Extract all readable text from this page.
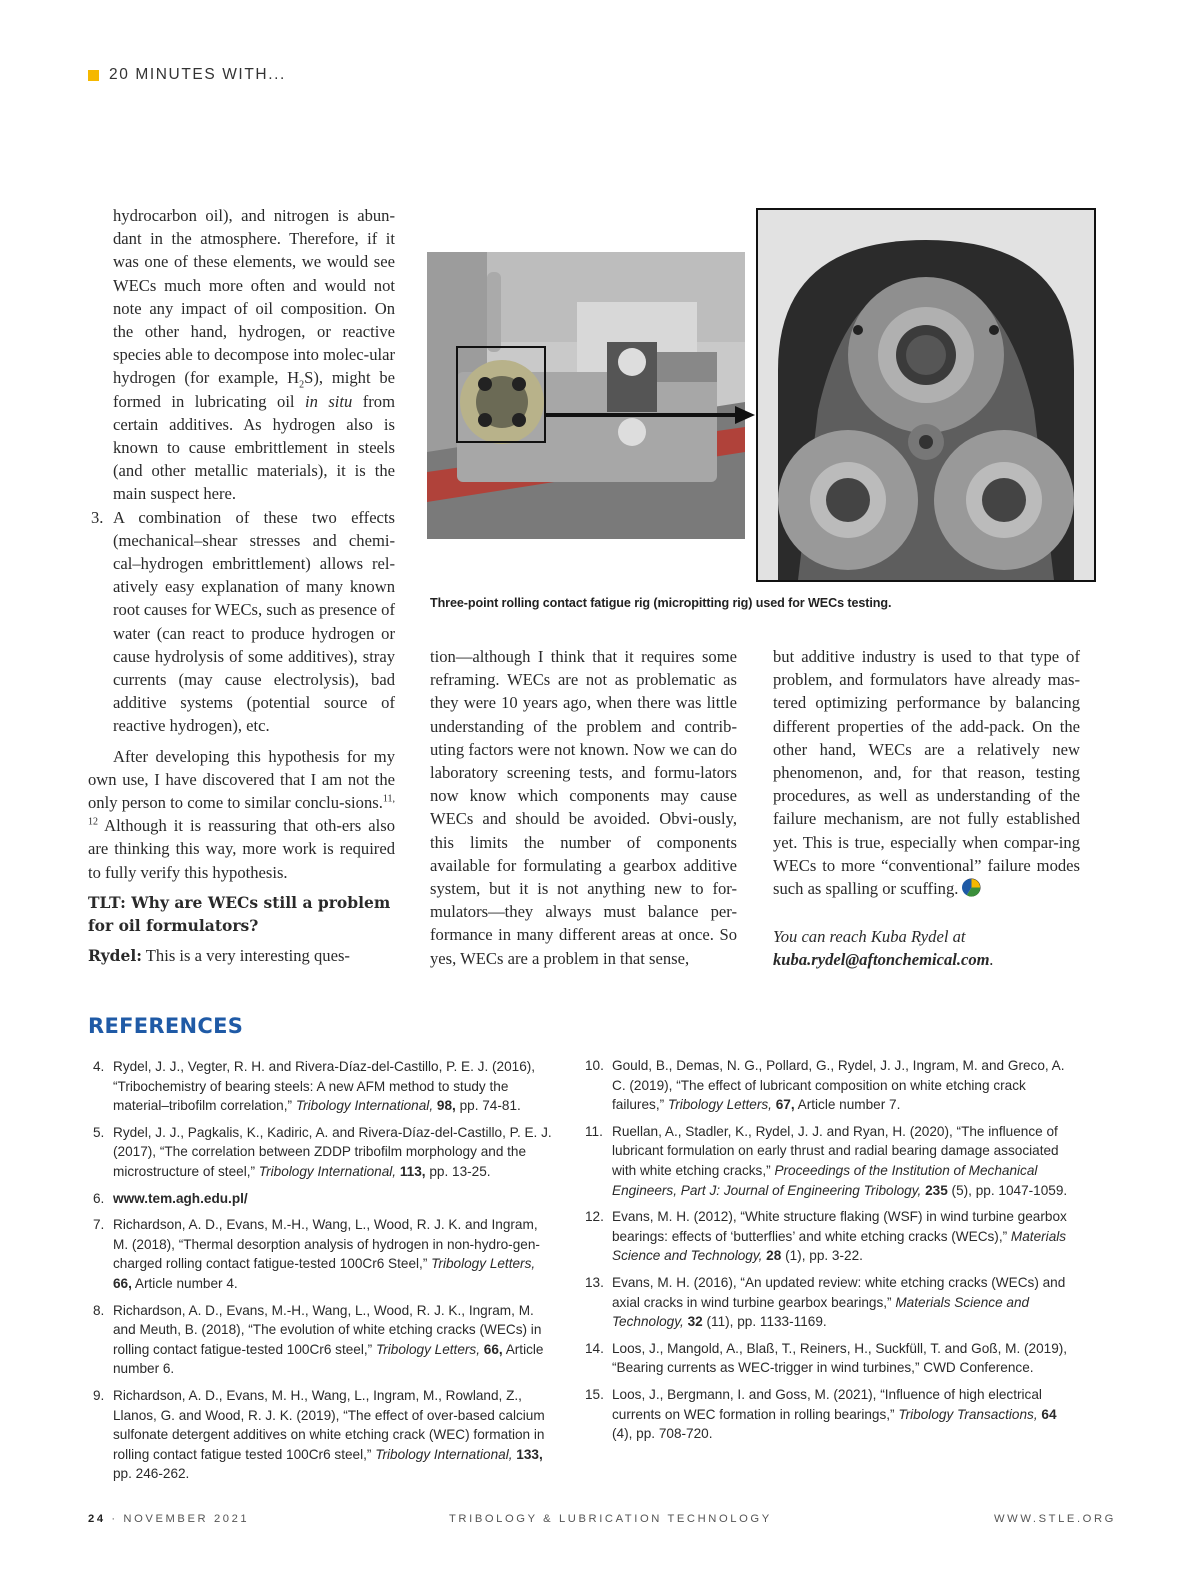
20 MINUTES WITH...

hydrocarbon oil), and nitrogen is abun-dant in the atmosphere. Therefore, if it was one of these elements, we would see WECs much more often and would not note any impact of oil composition. On the other hand, hydrogen, or reactive species able to decompose into molec-ular hydrogen (for example, $H_2S$), might be formed in lubricating oil in situ from certain additives. As hydrogen also is known to cause embrittlement in steels (and other metallic materials), it is the main suspect here.

3. A combination of these two effects (mechanical–shear stresses and chemi-cal–hydrogen embrittlement) allows rel-atively easy explanation of many known root causes for WECs, such as presence of water (can react to produce hydrogen or cause hydrolysis of some additives), stray currents (may cause electrolysis), bad additive systems (potential source of reactive hydrogen), etc.

After developing this hypothesis for my own use, I have discovered that I am not the only person to come to similar conclu-sions.$^{11, 12}$ Although it is reassuring that oth-ers also are thinking this way, more work is required to fully verify this hypothesis.

TLT: Why are WECs still a problem for oil formulators?

Rydel: This is a very interesting ques-

Three-point rolling contact fatigue rig (micropitting rig) used for WECs testing.

tion—although I think that it requires some reframing. WECs are not as problematic as they were 10 years ago, when there was little understanding of the problem and contrib-uting factors were not known. Now we can do laboratory screening tests, and formu-lators now know which components may cause WECs and should be avoided. Obvi-ously, this limits the number of components available for formulating a gearbox additive system, but it is not anything new to for-mulators—they always must balance per-formance in many different areas at once. So yes, WECs are a problem in that sense,

but additive industry is used to that type of problem, and formulators have already mas-tered optimizing performance by balancing different properties of the add-pack. On the other hand, WECs are a relatively new phenomenon, and, for that reason, testing procedures, as well as understanding of the failure mechanism, are not fully established yet. This is true, especially when compar-ing WECs to more “conventional” failure modes such as spalling or scuffing.

You can reach Kuba Rydel at kuba.rydel@aftonchemical.com.

REFERENCES
4. Rydel, J. J., Vegter, R. H. and Rivera-Díaz-del-Castillo, P. E. J. (2016), “Tribochemistry of bearing steels: A new AFM method to study the material–tribofilm correlation,” Tribology International, 98, pp. 74-81.
5. Rydel, J. J., Pagkalis, K., Kadiric, A. and Rivera-Díaz-del-Castillo, P. E. J. (2017), “The correlation between ZDDP tribofilm morphology and the microstructure of steel,” Tribology International, 113, pp. 13-25.
6. www.tem.agh.edu.pl/
7. Richardson, A. D., Evans, M.-H., Wang, L., Wood, R. J. K. and Ingram, M. (2018), “Thermal desorption analysis of hydrogen in non-hydro-gen-charged rolling contact fatigue-tested 100Cr6 Steel,” Tribology Letters, 66, Article number 4.
8. Richardson, A. D., Evans, M.-H., Wang, L., Wood, R. J. K., Ingram, M. and Meuth, B. (2018), “The evolution of white etching cracks (WECs) in rolling contact fatigue-tested 100Cr6 steel,” Tribology Letters, 66, Article number 6.
9. Richardson, A. D., Evans, M. H., Wang, L., Ingram, M., Rowland, Z., Llanos, G. and Wood, R. J. K. (2019), “The effect of over-based calcium sulfonate detergent additives on white etching crack (WEC) formation in rolling contact fatigue tested 100Cr6 steel,” Tribology International, 133, pp. 246-262.
10. Gould, B., Demas, N. G., Pollard, G., Rydel, J. J., Ingram, M. and Greco, A. C. (2019), “The effect of lubricant composition on white etching crack failures,” Tribology Letters, 67, Article number 7.
11. Ruellan, A., Stadler, K., Rydel, J. J. and Ryan, H. (2020), “The influence of lubricant formulation on early thrust and radial bearing damage associated with white etching cracks,” Proceedings of the Institution of Mechanical Engineers, Part J: Journal of Engineering Tribology, 235 (5), pp. 1047-1059.
12. Evans, M. H. (2012), “White structure flaking (WSF) in wind turbine gearbox bearings: effects of ‘butterflies’ and white etching cracks (WECs),” Materials Science and Technology, 28 (1), pp. 3-22.
13. Evans, M. H. (2016), “An updated review: white etching cracks (WECs) and axial cracks in wind turbine gearbox bearings,” Materials Science and Technology, 32 (11), pp. 1133-1169.
14. Loos, J., Mangold, A., Blaß, T., Reiners, H., Suckfüll, T. and Goß, M. (2019), “Bearing currents as WEC-trigger in wind turbines,” CWD Conference.
15. Loos, J., Bergmann, I. and Goss, M. (2021), “Influence of high electrical currents on WEC formation in rolling bearings,” Tribology Transactions, 64 (4), pp. 708-720.
24 · NOVEMBER 2021	TRIBOLOGY & LUBRICATION TECHNOLOGY	WWW.STLE.ORG
